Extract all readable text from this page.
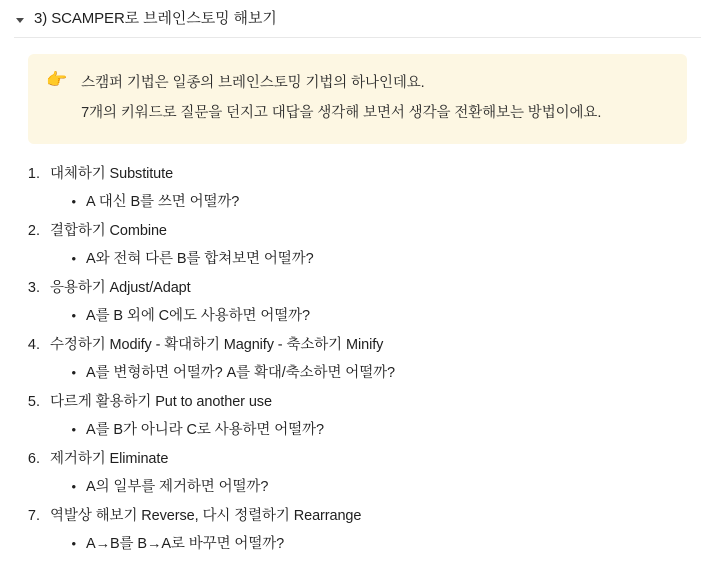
3) SCAMPER로 브레인스토밍 해보기
👉 스캠퍼 기법은 일종의 브레인스토밍 기법의 하나인데요.
7개의 키워드로 질문을 던지고 대답을 생각해 보면서 생각을 전환해보는 방법이에요.
1. 대체하기 Substitute
• A 대신 B를 쓰면 어떨까?
2. 결합하기 Combine
• A와 전혀 다른 B를 합쳐보면 어떨까?
3. 응용하기 Adjust/Adapt
• A를 B 외에 C에도 사용하면 어떨까?
4. 수정하기 Modify - 확대하기 Magnify - 축소하기 Minify
• A를 변형하면 어떨까? A를 확대/축소하면 어떨까?
5. 다르게 활용하기 Put to another use
• A를 B가 아니라 C로 사용하면 어떨까?
6. 제거하기 Eliminate
• A의 일부를 제거하면 어떨까?
7. 역발상 해보기 Reverse, 다시 정렬하기 Rearrange
• A→B를 B→A로 바꾸면 어떨까?
